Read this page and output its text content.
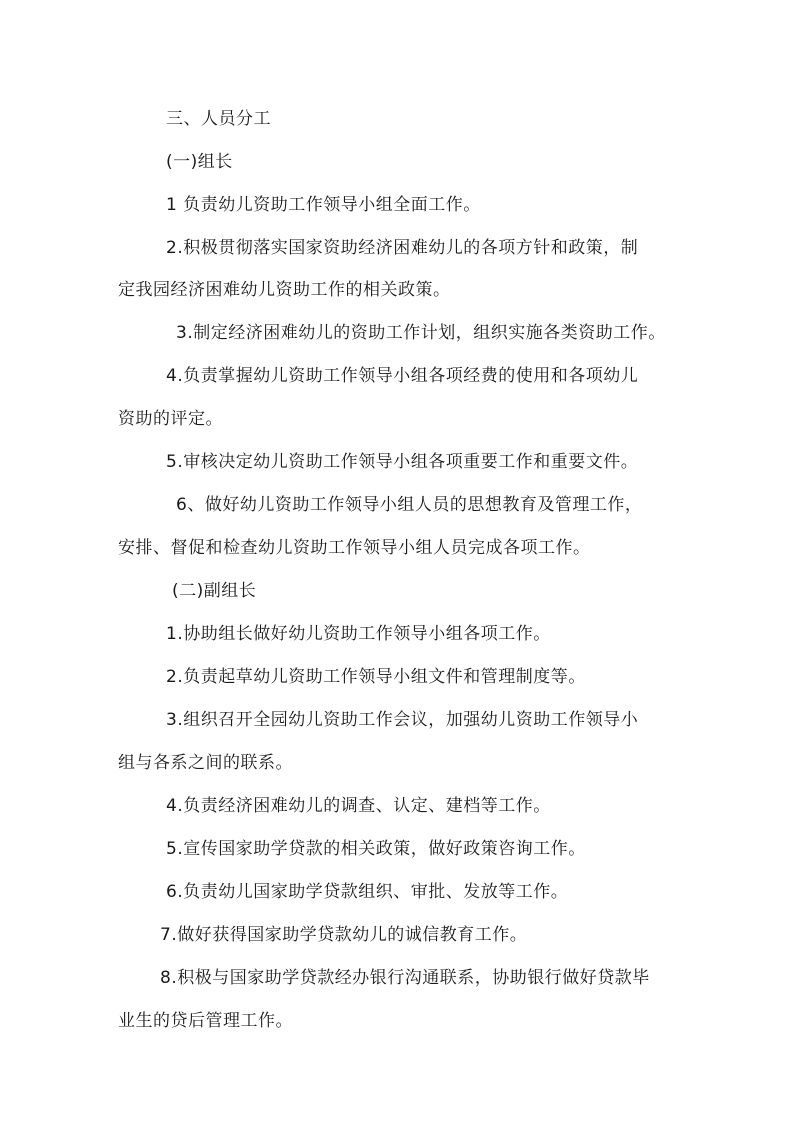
三、人员分工
(一)组长
1 负责幼儿资助工作领导小组全面工作。
2.积极贯彻落实国家资助经济困难幼儿的各项方针和政策，制
定我园经济困难幼儿资助工作的相关政策。
3.制定经济困难幼儿的资助工作计划，组织实施各类资助工作。
4.负责掌握幼儿资助工作领导小组各项经费的使用和各项幼儿
资助的评定。
5.审核决定幼儿资助工作领导小组各项重要工作和重要文件。
6、做好幼儿资助工作领导小组人员的思想教育及管理工作，
安排、督促和检查幼儿资助工作领导小组人员完成各项工作。
(二)副组长
1.协助组长做好幼儿资助工作领导小组各项工作。
2.负责起草幼儿资助工作领导小组文件和管理制度等。
3.组织召开全园幼儿资助工作会议，加强幼儿资助工作领导小
组与各系之间的联系。
4.负责经济困难幼儿的调查、认定、建档等工作。
5.宣传国家助学贷款的相关政策，做好政策咨询工作。
6.负责幼儿国家助学贷款组织、审批、发放等工作。
7.做好获得国家助学贷款幼儿的诚信教育工作。
8.积极与国家助学贷款经办银行沟通联系，协助银行做好贷款毕
业生的贷后管理工作。
